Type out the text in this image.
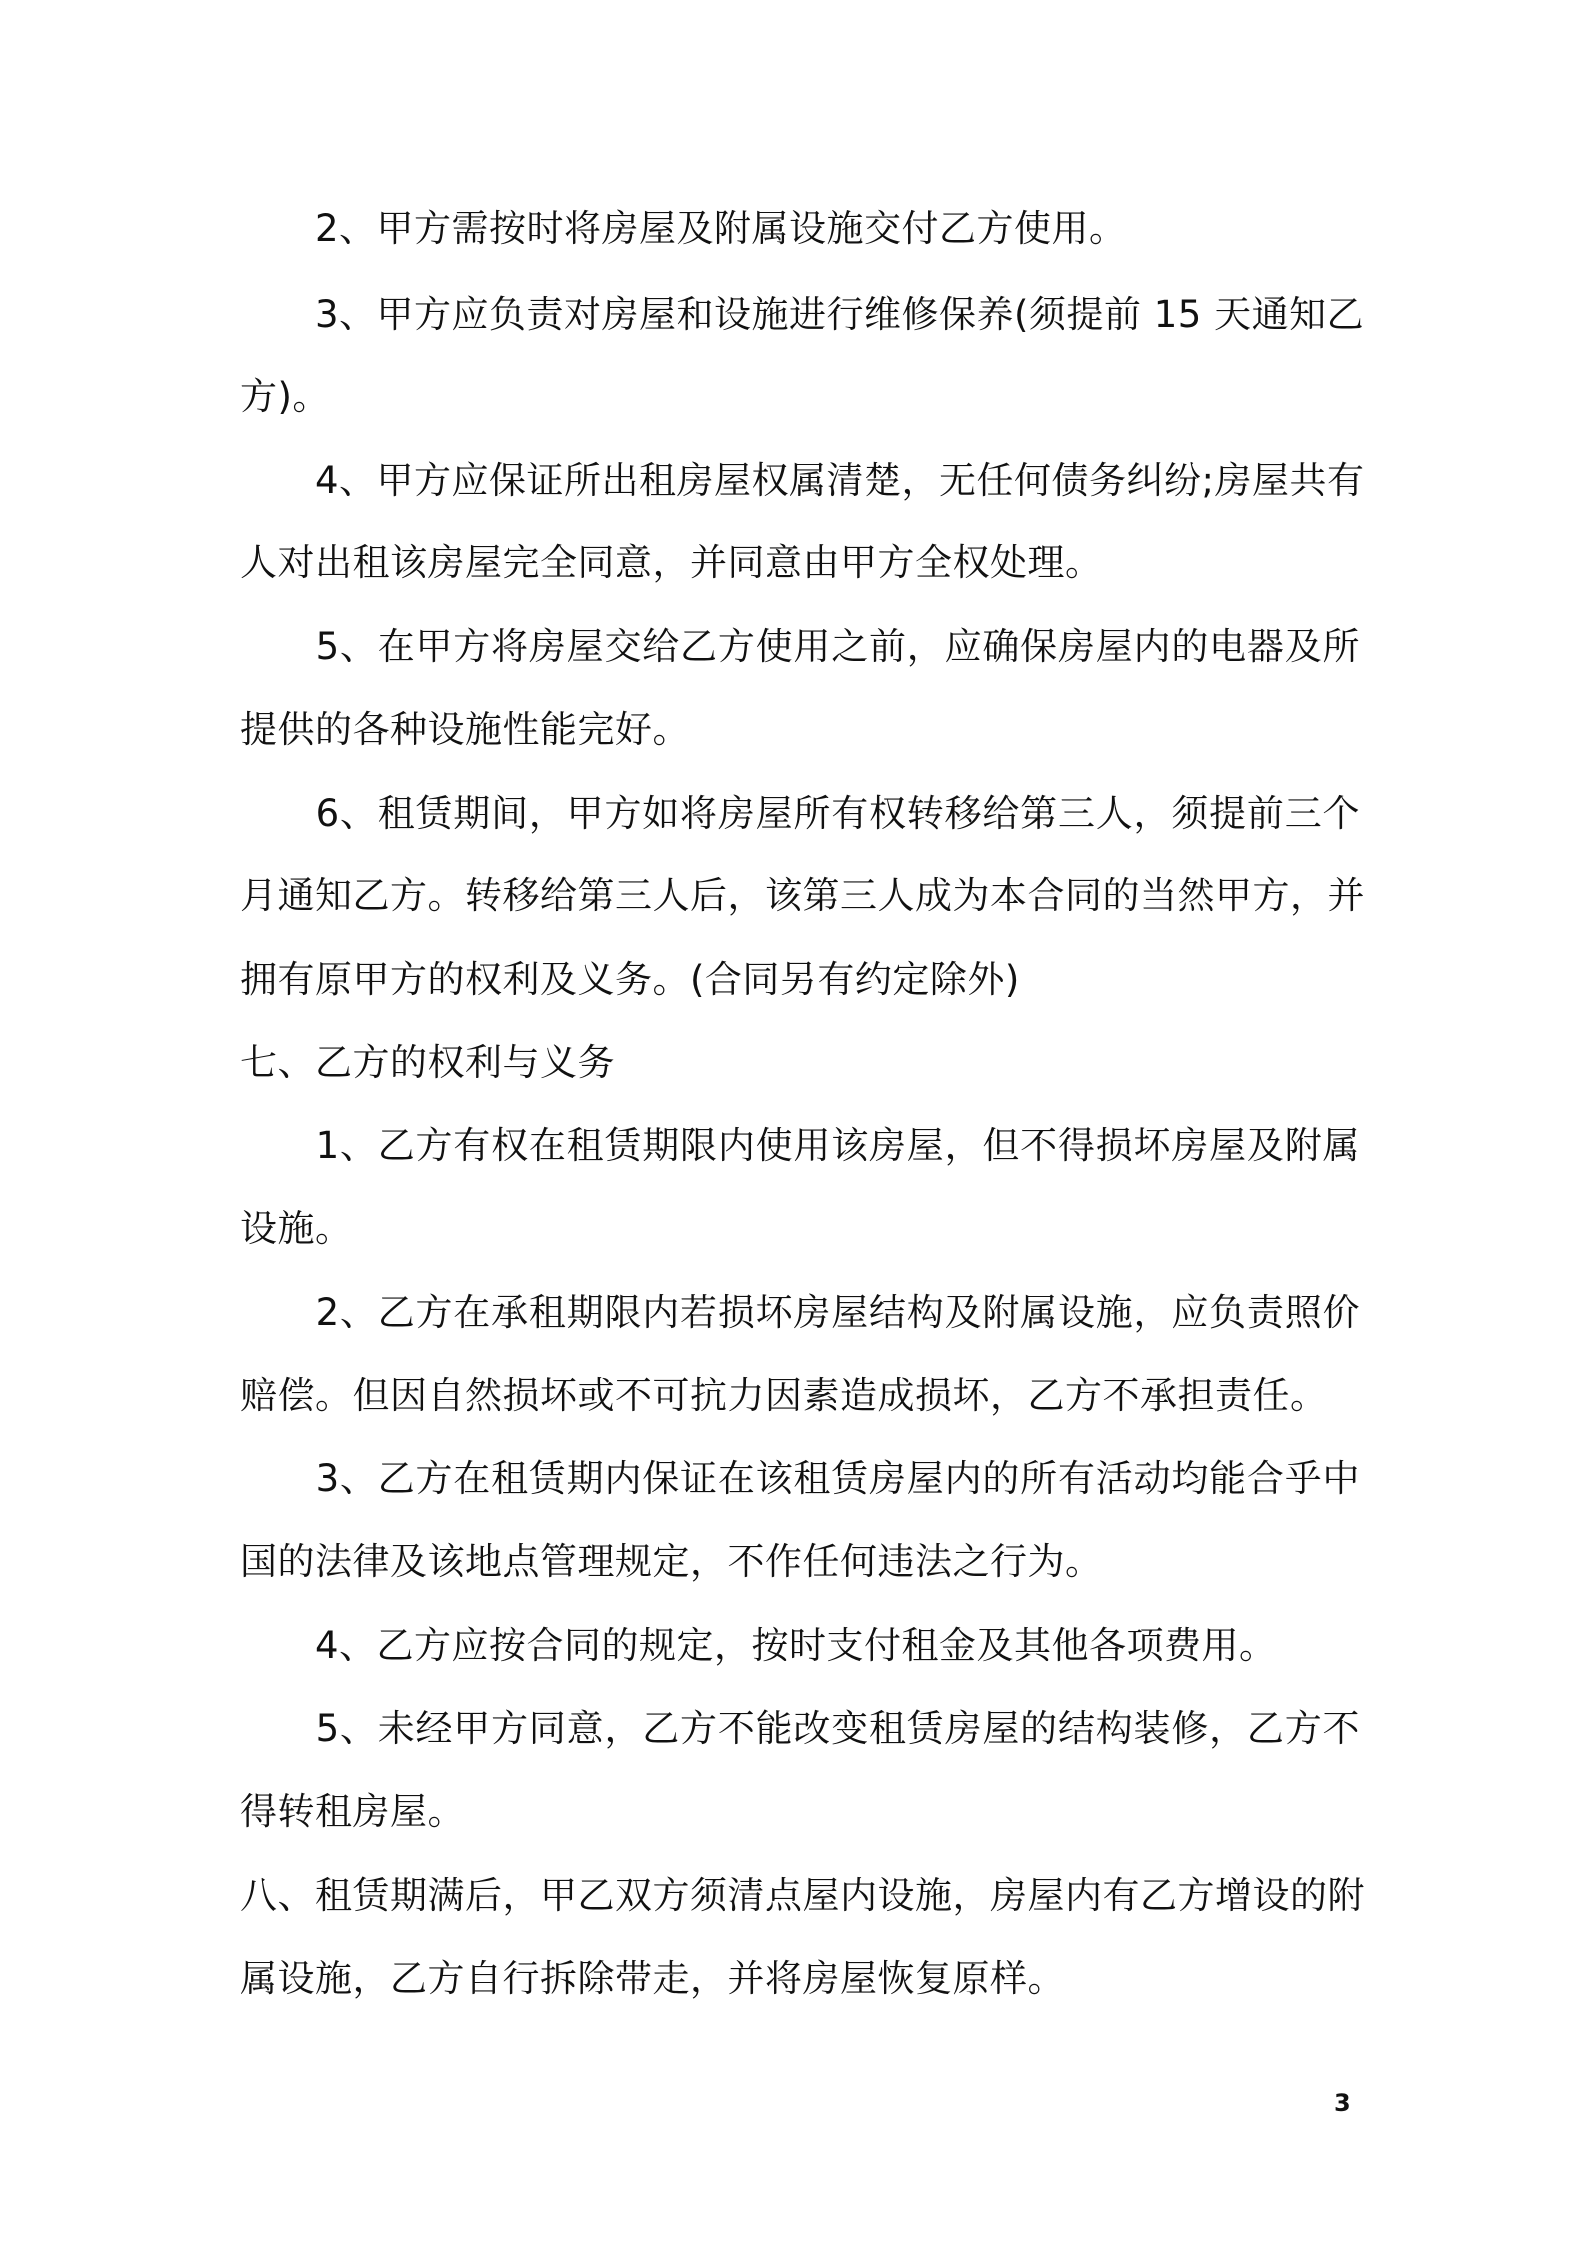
　　2、甲方需按时将房屋及附属设施交付乙方使用。
　　3、甲方应负责对房屋和设施进行维修保养(须提前 15 天通知乙
方)。
　　4、甲方应保证所出租房屋权属清楚，无任何债务纠纷;房屋共有
人对出租该房屋完全同意，并同意由甲方全权处理。
　　5、在甲方将房屋交给乙方使用之前，应确保房屋内的电器及所
提供的各种设施性能完好。
　　6、租赁期间，甲方如将房屋所有权转移给第三人，须提前三个
月通知乙方。转移给第三人后，该第三人成为本合同的当然甲方，并
拥有原甲方的权利及义务。(合同另有约定除外)
七、乙方的权利与义务
　　1、乙方有权在租赁期限内使用该房屋，但不得损坏房屋及附属
设施。
　　2、乙方在承租期限内若损坏房屋结构及附属设施，应负责照价
赔偿。但因自然损坏或不可抗力因素造成损坏，乙方不承担责任。
　　3、乙方在租赁期内保证在该租赁房屋内的所有活动均能合乎中
国的法律及该地点管理规定，不作任何违法之行为。
　　4、乙方应按合同的规定，按时支付租金及其他各项费用。
　　5、未经甲方同意，乙方不能改变租赁房屋的结构装修，乙方不
得转租房屋。
八、租赁期满后，甲乙双方须清点屋内设施，房屋内有乙方增设的附
属设施，乙方自行拆除带走，并将房屋恢复原样。
3
